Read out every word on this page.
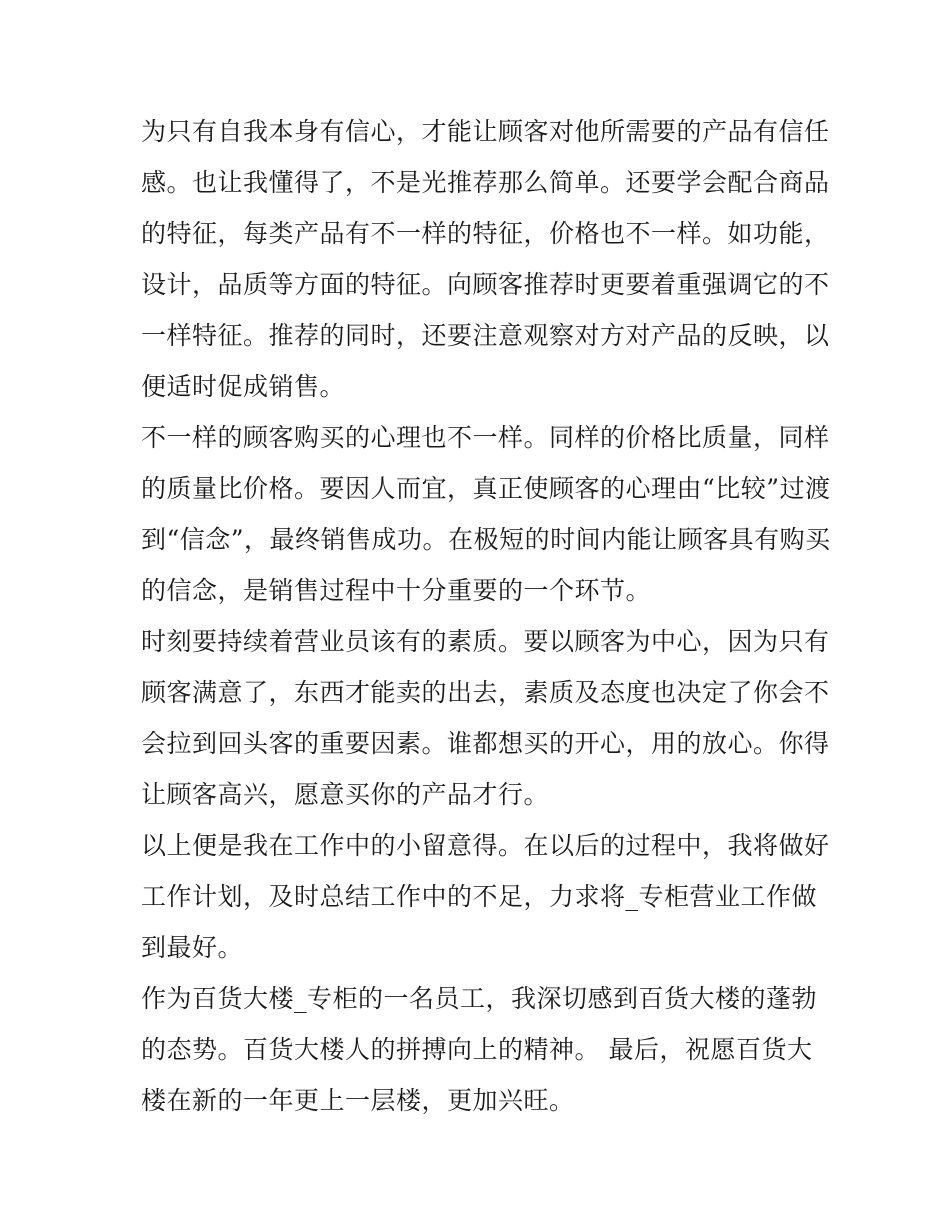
为只有自我本身有信心，才能让顾客对他所需要的产品有信任
感。也让我懂得了，不是光推荐那么简单。还要学会配合商品
的特征，每类产品有不一样的特征，价格也不一样。如功能，
设计，品质等方面的特征。向顾客推荐时更要着重强调它的不
一样特征。推荐的同时，还要注意观察对方对产品的反映，以
便适时促成销售。

不一样的顾客购买的心理也不一样。同样的价格比质量，同样
的质量比价格。要因人而宜，真正使顾客的心理由“比较”过渡
到“信念”，最终销售成功。在极短的时间内能让顾客具有购买
的信念，是销售过程中十分重要的一个环节。

时刻要持续着营业员该有的素质。要以顾客为中心，因为只有
顾客满意了，东西才能卖的出去，素质及态度也决定了你会不
会拉到回头客的重要因素。谁都想买的开心，用的放心。你得
让顾客高兴，愿意买你的产品才行。

以上便是我在工作中的小留意得。在以后的过程中，我将做好
工作计划，及时总结工作中的不足，力求将_专柜营业工作做
到最好。

作为百货大楼_专柜的一名员工，我深切感到百货大楼的蓬勃
的态势。百货大楼人的拼搏向上的精神。 最后，祝愿百货大
楼在新的一年更上一层楼，更加兴旺。
